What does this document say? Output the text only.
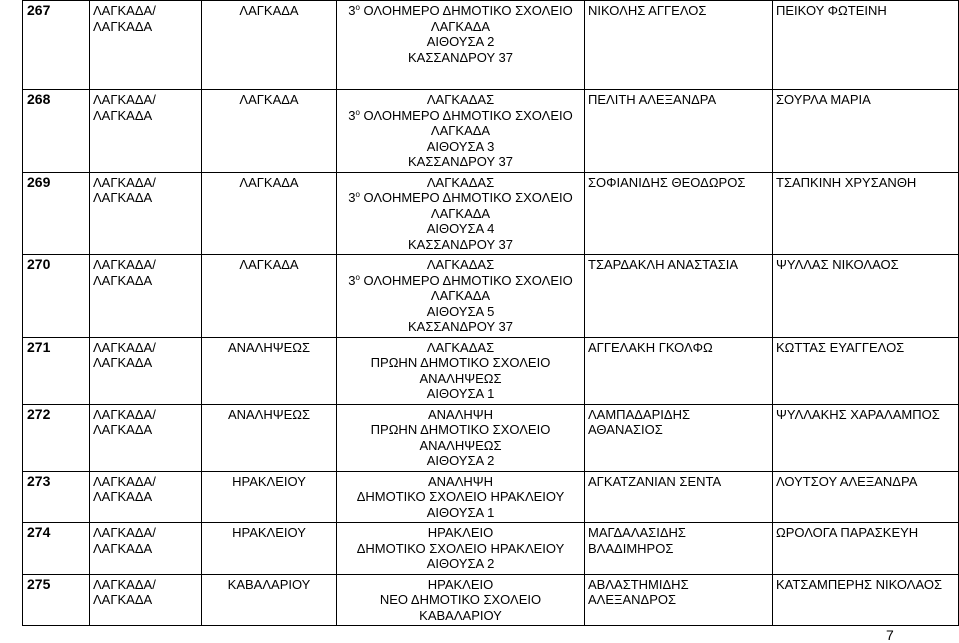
267	ΛΑΓΚΑΔΑ/
ΛΑΓΚΑΔΑ	ΛΑΓΚΑΔΑ	$3^o$ ΟΛΟΗΜΕΡΟ ΔΗΜΟΤΙΚΟ ΣΧΟΛΕΙΟ
ΛΑΓΚΑΔΑ
ΑΙΘΟΥΣΑ 2
ΚΑΣΣΑΝΔΡΟΥ 37	ΝΙΚΟΛΗΣ ΑΓΓΕΛΟΣ	ΠΕΙΚΟΥ ΦΩΤΕΙΝΗ

268	ΛΑΓΚΑΔΑ/
ΛΑΓΚΑΔΑ	ΛΑΓΚΑΔΑ	ΛΑΓΚΑΔΑΣ
$3^o$ ΟΛΟΗΜΕΡΟ ΔΗΜΟΤΙΚΟ ΣΧΟΛΕΙΟ
ΛΑΓΚΑΔΑ
ΑΙΘΟΥΣΑ 3
ΚΑΣΣΑΝΔΡΟΥ 37	ΠΕΛΙΤΗ ΑΛΕΞΑΝΔΡΑ	ΣΟΥΡΛΑ ΜΑΡΙΑ

269	ΛΑΓΚΑΔΑ/
ΛΑΓΚΑΔΑ	ΛΑΓΚΑΔΑ	ΛΑΓΚΑΔΑΣ
$3^o$ ΟΛΟΗΜΕΡΟ ΔΗΜΟΤΙΚΟ ΣΧΟΛΕΙΟ
ΛΑΓΚΑΔΑ
ΑΙΘΟΥΣΑ 4
ΚΑΣΣΑΝΔΡΟΥ 37	ΣΟΦΙΑΝΙΔΗΣ ΘΕΟΔΩΡΟΣ	ΤΣΑΠΚΙΝΗ ΧΡΥΣΑΝΘΗ

270	ΛΑΓΚΑΔΑ/
ΛΑΓΚΑΔΑ	ΛΑΓΚΑΔΑ	ΛΑΓΚΑΔΑΣ
$3^o$ ΟΛΟΗΜΕΡΟ ΔΗΜΟΤΙΚΟ ΣΧΟΛΕΙΟ
ΛΑΓΚΑΔΑ
ΑΙΘΟΥΣΑ 5
ΚΑΣΣΑΝΔΡΟΥ 37	ΤΣΑΡΔΑΚΛΗ ΑΝΑΣΤΑΣΙΑ	ΨΥΛΛΑΣ ΝΙΚΟΛΑΟΣ

271	ΛΑΓΚΑΔΑ/
ΛΑΓΚΑΔΑ	ΑΝΑΛΗΨΕΩΣ	ΛΑΓΚΑΔΑΣ
ΠΡΩΗΝ ΔΗΜΟΤΙΚΟ ΣΧΟΛΕΙΟ
ΑΝΑΛΗΨΕΩΣ
ΑΙΘΟΥΣΑ 1	ΑΓΓΕΛΑΚΗ ΓΚΟΛΦΩ	ΚΩΤΤΑΣ ΕΥΑΓΓΕΛΟΣ

272	ΛΑΓΚΑΔΑ/
ΛΑΓΚΑΔΑ	ΑΝΑΛΗΨΕΩΣ	ΑΝΑΛΗΨΗ
ΠΡΩΗΝ ΔΗΜΟΤΙΚΟ ΣΧΟΛΕΙΟ
ΑΝΑΛΗΨΕΩΣ
ΑΙΘΟΥΣΑ 2	ΛΑΜΠΑΔΑΡΙΔΗΣ
ΑΘΑΝΑΣΙΟΣ	ΨΥΛΛΑΚΗΣ ΧΑΡΑΛΑΜΠΟΣ

273	ΛΑΓΚΑΔΑ/
ΛΑΓΚΑΔΑ	ΗΡΑΚΛΕΙΟΥ	ΑΝΑΛΗΨΗ
ΔΗΜΟΤΙΚΟ ΣΧΟΛΕΙΟ ΗΡΑΚΛΕΙΟΥ
ΑΙΘΟΥΣΑ 1	ΑΓΚΑΤΖΑΝΙΑΝ ΣΕΝΤΑ	ΛΟΥΤΣΟΥ ΑΛΕΞΑΝΔΡΑ

274	ΛΑΓΚΑΔΑ/
ΛΑΓΚΑΔΑ	ΗΡΑΚΛΕΙΟΥ	ΗΡΑΚΛΕΙΟ
ΔΗΜΟΤΙΚΟ ΣΧΟΛΕΙΟ ΗΡΑΚΛΕΙΟΥ
ΑΙΘΟΥΣΑ 2	ΜΑΓΔΑΛΑΣΙΔΗΣ
ΒΛΑΔΙΜΗΡΟΣ	ΩΡΟΛΟΓΑ ΠΑΡΑΣΚΕΥΗ

275	ΛΑΓΚΑΔΑ/
ΛΑΓΚΑΔΑ	ΚΑΒΑΛΑΡΙΟΥ	ΗΡΑΚΛΕΙΟ
ΝΕΟ ΔΗΜΟΤΙΚΟ ΣΧΟΛΕΙΟ
ΚΑΒΑΛΑΡΙΟΥ	ΑΒΛΑΣΤΗΜΙΔΗΣ
ΑΛΕΞΑΝΔΡΟΣ	ΚΑΤΣΑΜΠΕΡΗΣ ΝΙΚΟΛΑΟΣ
7
